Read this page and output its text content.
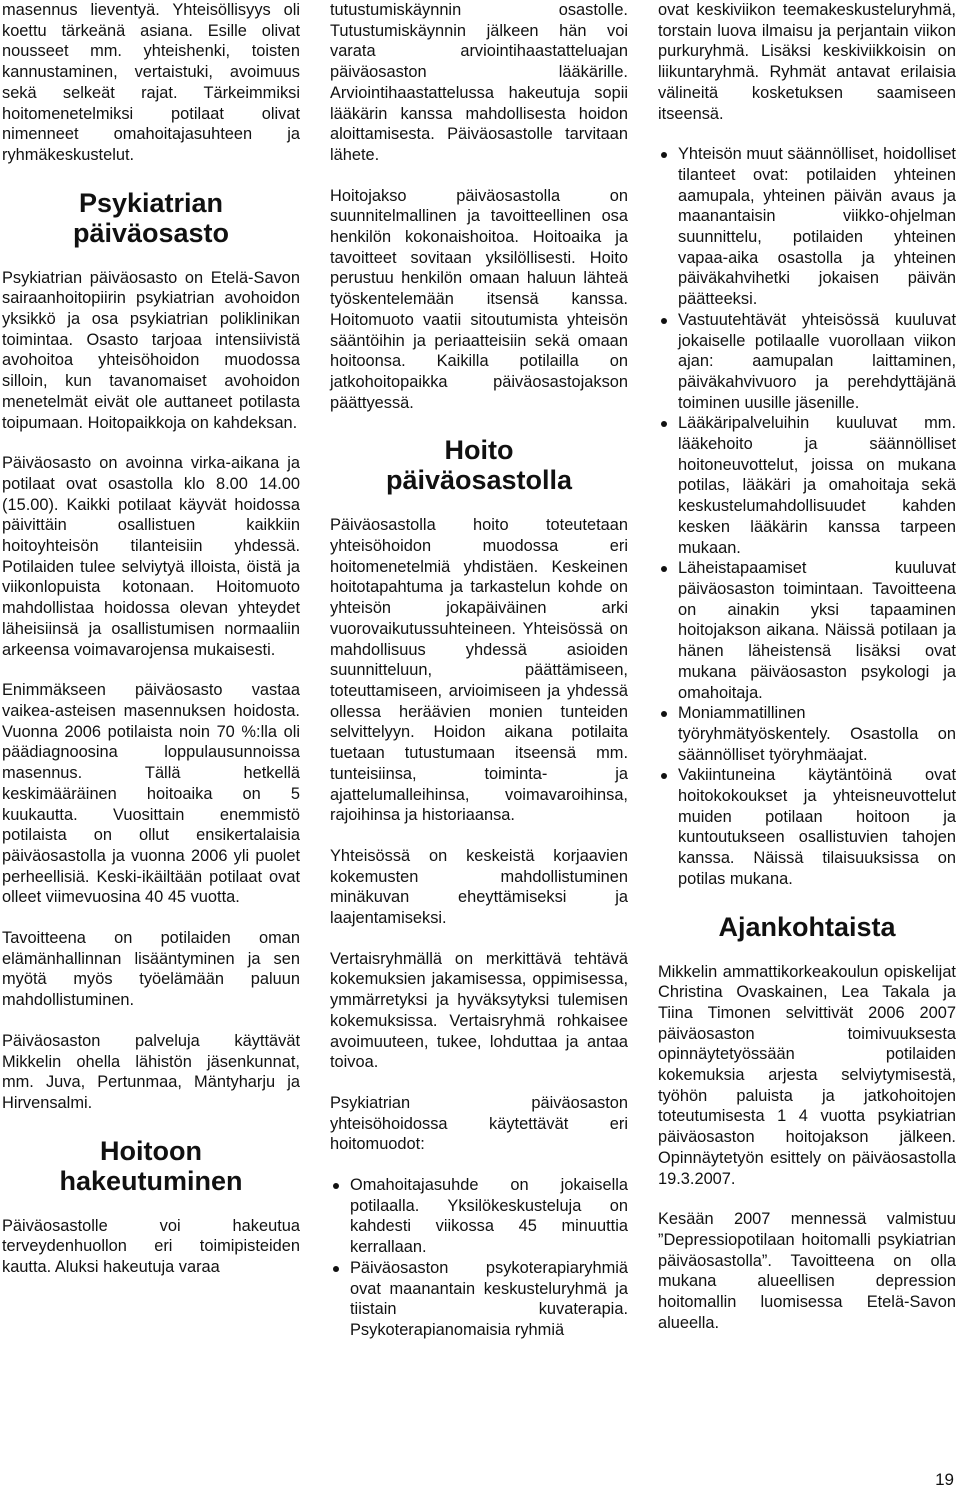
masennus lieventyä. Yhteisöllisyys oli koettu tärkeänä asiana. Esille olivat nousseet mm. yhteishenki, toisten kannustaminen, vertaistuki, avoimuus sekä selkeät rajat. Tärkeimmiksi hoitomenetelmiksi potilaat olivat nimenneet omahoitajasuhteen ja ryhmäkeskustelut.

Psykiatrian
päiväosasto

Psykiatrian päiväosasto on Etelä-Savon sairaanhoitopiirin psykiatrian avohoidon yksikkö ja osa psykiatrian poliklinikan toimintaa. Osasto tarjoaa intensiivistä avohoitoa yhteisöhoidon muodossa silloin, kun tavanomaiset avohoidon menetelmät eivät ole auttaneet potilasta toipumaan. Hoitopaikkoja on kahdeksan.

Päiväosasto on avoinna virka-aikana ja potilaat ovat osastolla klo 8.00 14.00 (15.00). Kaikki potilaat käyvät hoidossa päivittäin osallistuen kaikkiin hoitoyhteisön tilanteisiin yhdessä. Potilaiden tulee selviytyä illoista, öistä ja viikonlopuista kotonaan. Hoitomuoto mahdollistaa hoidossa olevan yhteydet läheisiinsä ja osallistumisen normaaliin arkeensa voimavarojensa mukaisesti.

Enimmäkseen päiväosasto vastaa vaikea-asteisen masennuksen hoidosta. Vuonna 2006 potilaista noin 70 %:lla oli päädiagnoosina loppulausunnoissa masennus. Tällä hetkellä keskimääräinen hoitoaika on 5 kuukautta. Vuosittain enemmistö potilaista on ollut ensikertalaisia päiväosastolla ja vuonna 2006 yli puolet perheellisiä. Keski-ikäiltään potilaat ovat olleet viimevuosina 40 45 vuotta.

Tavoitteena on potilaiden oman elämänhallinnan lisääntyminen ja sen myötä myös työelämään paluun mahdollistuminen.

Päiväosaston palveluja käyttävät Mikkelin ohella lähistön jäsenkunnat, mm. Juva, Pertunmaa, Mäntyharju ja Hirvensalmi.

Hoitoon
hakeutuminen

Päiväosastolle voi hakeutua terveydenhuollon eri toimipisteiden kautta. Aluksi hakeutuja varaa

tutustumiskäynnin osastolle. Tutustumiskäynnin jälkeen hän voi varata arviointihaastatteluajan päiväosaston lääkärille. Arviointihaastattelussa hakeutuja sopii lääkärin kanssa mahdollisesta hoidon aloittamisesta. Päiväosastolle tarvitaan lähete.

Hoitojakso päiväosastolla on suunnitelmallinen ja tavoitteellinen osa henkilön kokonaishoitoa. Hoitoaika ja tavoitteet sovitaan yksilöllisesti. Hoito perustuu henkilön omaan haluun lähteä työskentelemään itsensä kanssa. Hoitomuoto vaatii sitoutumista yhteisön sääntöihin ja periaatteisiin sekä omaan hoitoonsa. Kaikilla potilailla on jatkohoitopaikka päiväosastojakson päättyessä.

Hoito
päiväosastolla

Päiväosastolla hoito toteutetaan yhteisöhoidon muodossa eri hoitomenetelmiä yhdistäen. Keskeinen hoitotapahtuma ja tarkastelun kohde on yhteisön jokapäiväinen arki vuorovaikutussuhteineen. Yhteisössä on mahdollisuus yhdessä asioiden suunnitteluun, päättämiseen, toteuttamiseen, arvioimiseen ja yhdessä ollessa heräävien monien tunteiden selvittelyyn. Hoidon aikana potilaita tuetaan tutustumaan itseensä mm. tunteisiinsa, toiminta- ja ajattelumalleihinsa, voimavaroihinsa, rajoihinsa ja historiaansa.

Yhteisössä on keskeistä korjaavien kokemusten mahdollistuminen minäkuvan eheyttämiseksi ja laajentamiseksi.

Vertaisryhmällä on merkittävä tehtävä kokemuksien jakamisessa, oppimisessa, ymmärretyksi ja hyväksytyksi tulemisen kokemuksissa. Vertaisryhmä rohkaisee avoimuuteen, tukee, lohduttaa ja antaa toivoa.

Psykiatrian päiväosaston yhteisöhoidossa käytettävät eri hoitomuodot:

Omahoitajasuhde on jokaisella potilaalla. Yksilökeskusteluja on kahdesti viikossa 45 minuuttia kerrallaan.
Päiväosaston psykoterapiaryhmiä ovat maanantain keskusteluryhmä ja tiistain kuvaterapia. Psykoterapianomaisia ryhmiä

ovat keskiviikon teemakeskusteluryhmä, torstain luova ilmaisu ja perjantain viikon purkuryhmä. Lisäksi keskiviikkoisin on liikuntaryhmä. Ryhmät antavat erilaisia välineitä kosketuksen saamiseen itseensä.

Yhteisön muut säännölliset, hoidolliset tilanteet ovat: potilaiden yhteinen aamupala, yhteinen päivän avaus ja maanantaisin viikko-ohjelman suunnittelu, potilaiden yhteinen vapaa-aika osastolla ja yhteinen päiväkahvihetki jokaisen päivän päätteeksi.
Vastuutehtävät yhteisössä kuuluvat jokaiselle potilaalle vuorollaan viikon ajan: aamupalan laittaminen, päiväkahvivuoro ja perehdyttäjänä toiminen uusille jäsenille.
Lääkäripalveluihin kuuluvat mm. lääkehoito ja säännölliset hoitoneuvottelut, joissa on mukana potilas, lääkäri ja omahoitaja sekä keskustelumahdollisuudet kahden kesken lääkärin kanssa tarpeen mukaan.
Läheistapaamiset kuuluvat päiväosaston toimintaan. Tavoitteena on ainakin yksi tapaaminen hoitojakson aikana. Näissä potilaan ja hänen läheistensä lisäksi ovat mukana päiväosaston psykologi ja omahoitaja.
Moniammatillinen työryhmätyöskentely. Osastolla on säännölliset työryhmäajat.
Vakiintuneina käytäntöinä ovat hoitokokoukset ja yhteisneuvottelut muiden potilaan hoitoon ja kuntoutukseen osallistuvien tahojen kanssa. Näissä tilaisuuksissa on potilas mukana.
Ajankohtaista

Mikkelin ammattikorkeakoulun opiskelijat Christina Ovaskainen, Lea Takala ja Tiina Timonen selvittivät 2006 2007 päiväosaston toimivuuksesta opinnäytetyössään potilaiden kokemuksia arjesta selviytymisestä, työhön paluista ja jatkohoitojen toteutumisesta 1 4 vuotta psykiatrian päiväosaston hoitojakson jälkeen. Opinnäytetyön esittely on päiväosastolla 19.3.2007.

Kesään 2007 mennessä valmistuu ”Depressiopotilaan hoitomalli psykiatrian päiväosastolla”. Tavoitteena on olla mukana alueellisen depression hoitomallin luomisessa Etelä-Savon alueella.

19
